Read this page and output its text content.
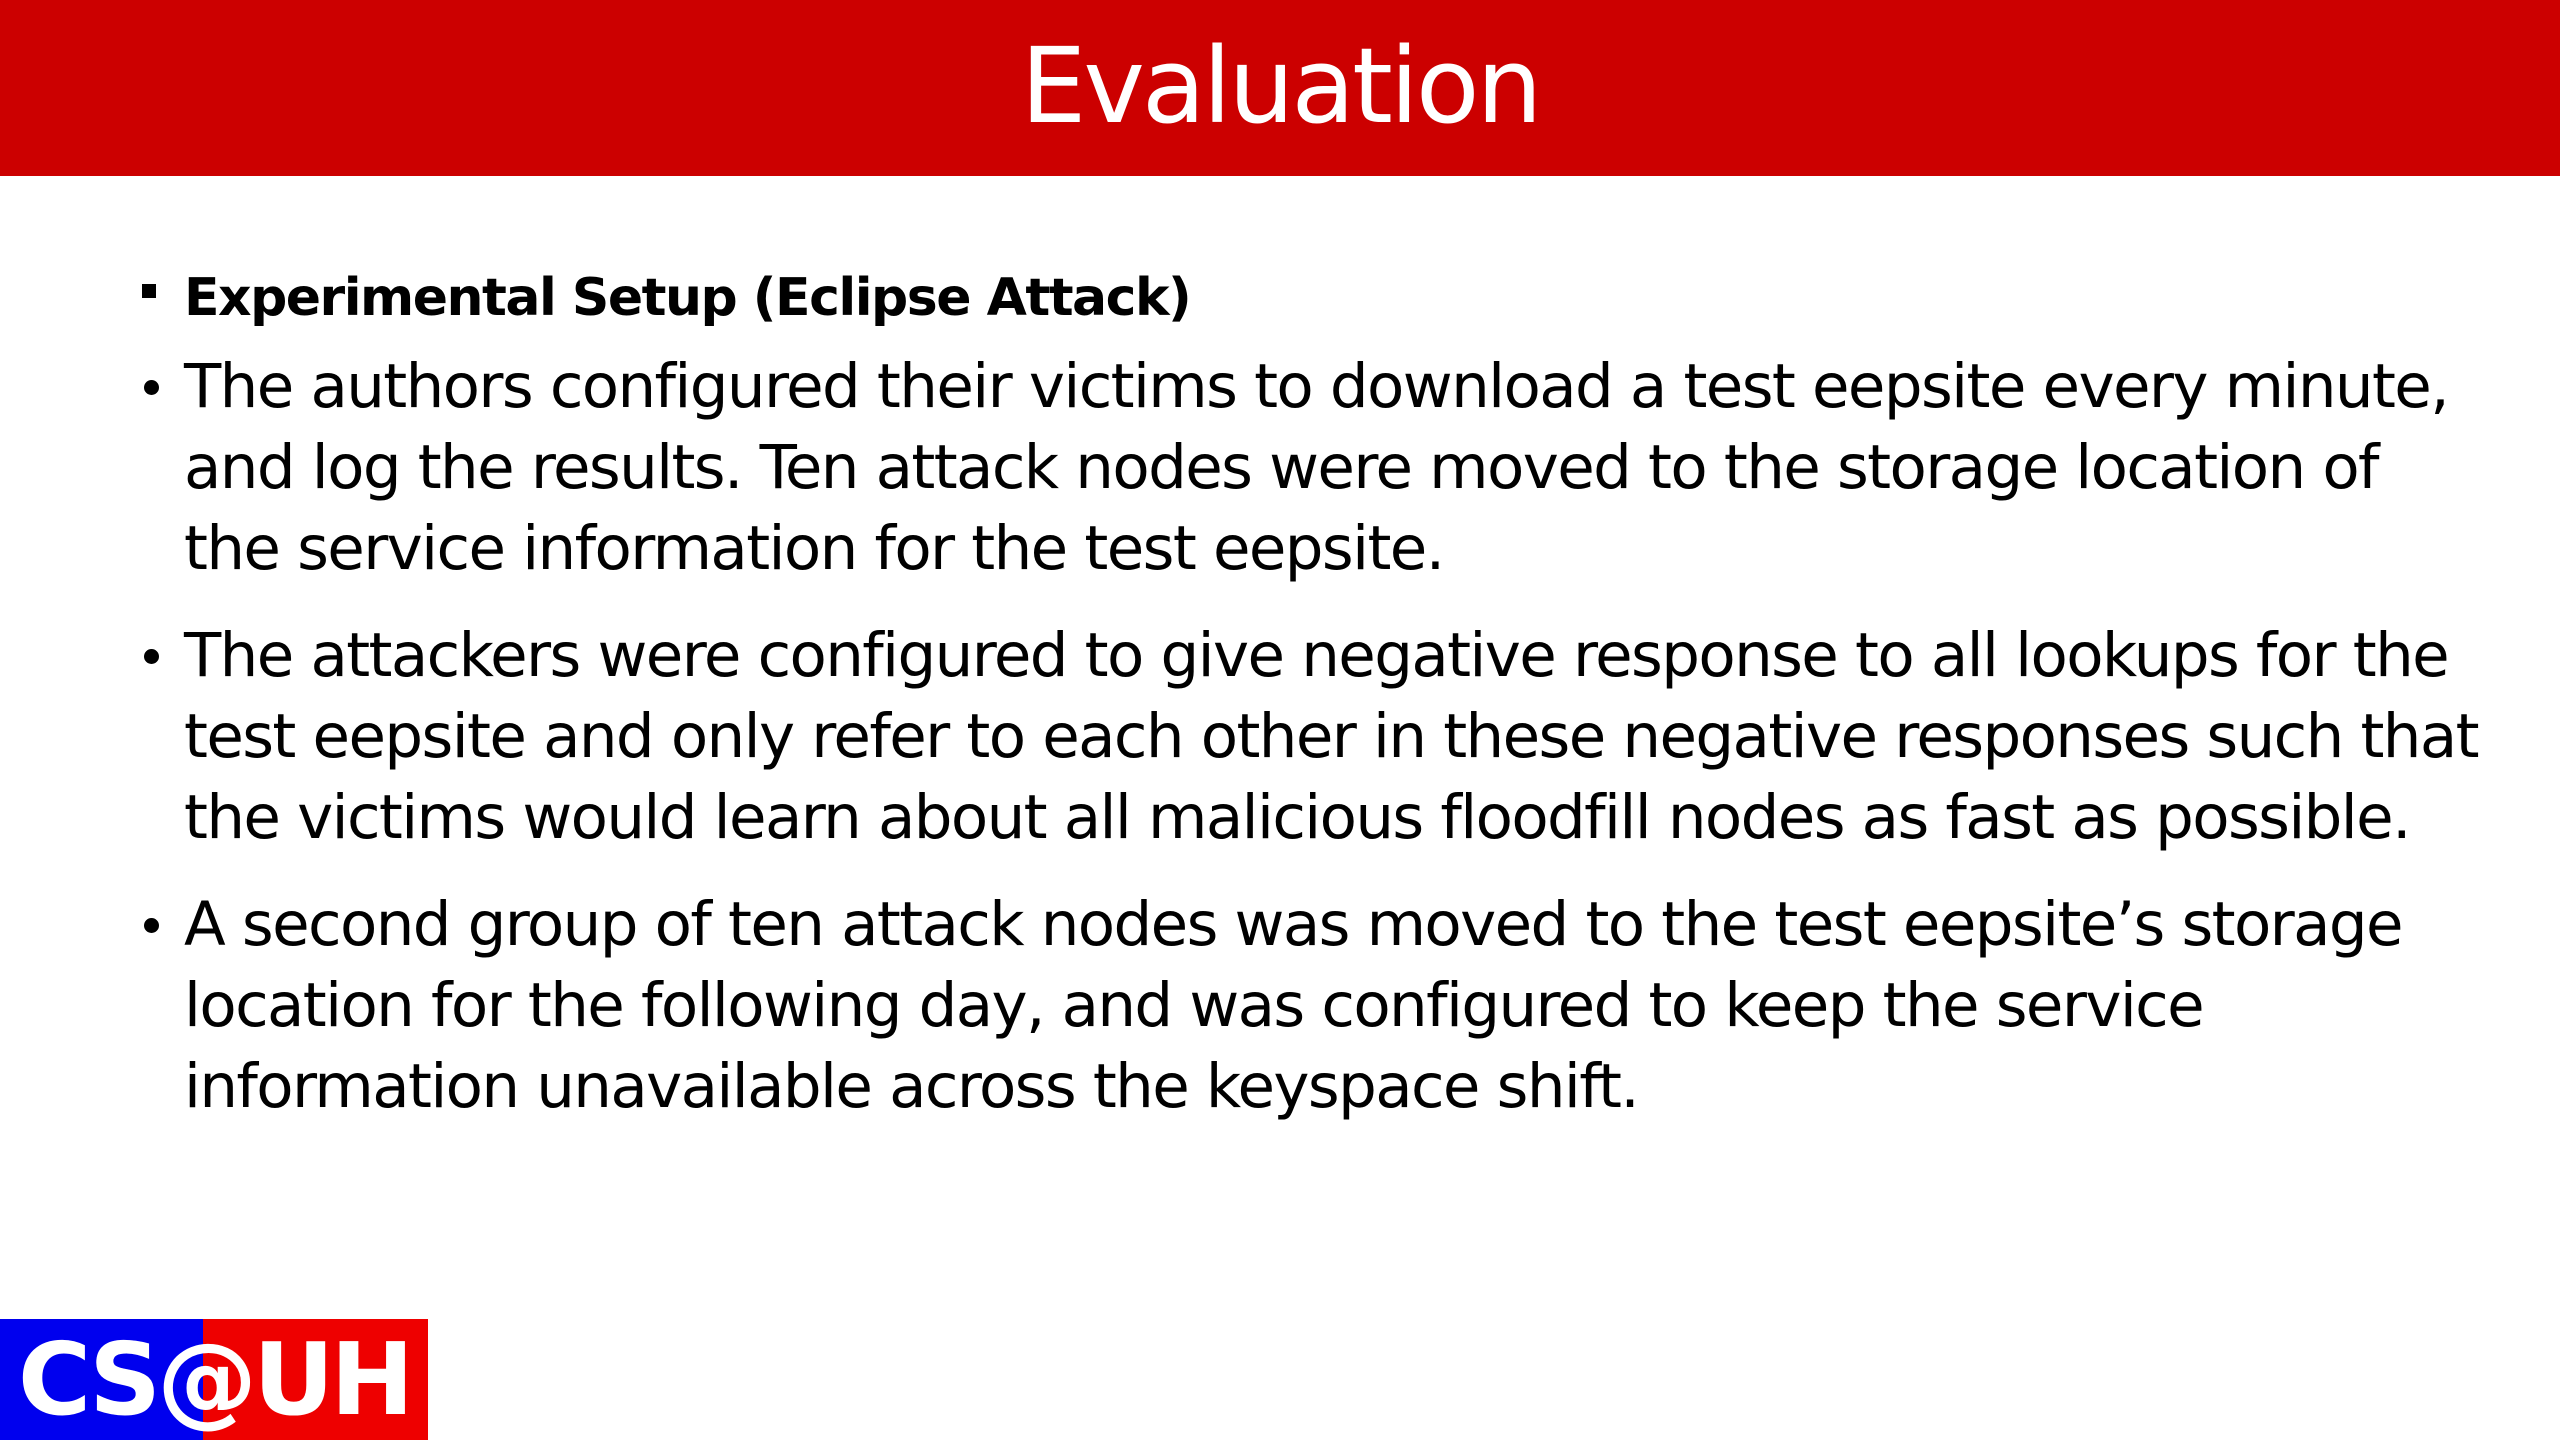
Evaluation
Experimental Setup (Eclipse Attack)
The authors configured their victims to download a test eepsite every minute, and log the results. Ten attack nodes were moved to the storage location of the service information for the test eepsite.
The attackers were configured to give negative response to all lookups for the test eepsite and only refer to each other in these negative responses such that the victims would learn about all malicious floodfill nodes as fast as possible.
A second group of ten attack nodes was moved to the test eepsite’s storage location for the following day, and was configured to keep the service information unavailable across the keyspace shift.
CS@UH
